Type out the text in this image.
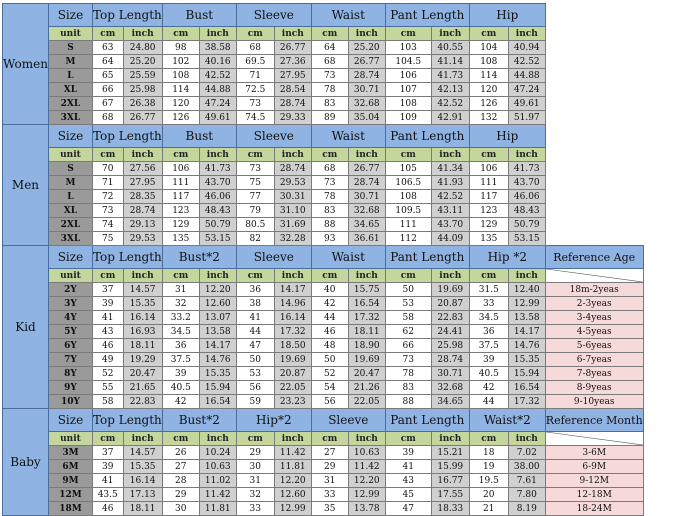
Women	Size	Top Length		Bust		Sleeve		Waist		Pant Length		Hip		
	unit	cm	inch	cm	inch	cm	inch	cm	inch	cm	inch	cm	inch	
	S	63	24.80	98	38.58	68	26.77	64	25.20	103	40.55	104	40.94	
	M	64	25.20	102	40.16	69.5	27.36	68	26.77	104.5	41.14	108	42.52	
	L	65	25.59	108	42.52	71	27.95	73	28.74	106	41.73	114	44.88	
	XL	66	25.98	114	44.88	72.5	28.54	78	30.71	107	42.13	120	47.24	
	2XL	67	26.38	120	47.24	73	28.74	83	32.68	108	42.52	126	49.61	
	3XL	68	26.77	126	49.61	74.5	29.33	89	35.04	109	42.91	132	51.97	
Men	Size	Top Length		Bust		Sleeve		Waist		Pant Length		Hip		
	unit	cm	inch	cm	inch	cm	inch	cm	inch	cm	inch	cm	inch	
	S	70	27.56	106	41.73	73	28.74	68	26.77	105	41.34	106	41.73	
	M	71	27.95	111	43.70	75	29.53	73	28.74	106.5	41.93	111	43.70	
	L	72	28.35	117	46.06	77	30.31	78	30.71	108	42.52	117	46.06	
	XL	73	28.74	123	48.43	79	31.10	83	32.68	109.5	43.11	123	48.43	
	2XL	74	29.13	129	50.79	80.5	31.69	88	34.65	111	43.70	129	50.79	
	3XL	75	29.53	135	53.15	82	32.28	93	36.61	112	44.09	135	53.15	
Kid	Size	Top Length		Bust*2		Sleeve		Waist		Pant Length		Hip *2		Reference Age
	unit	cm	inch	cm	inch	cm	inch	cm	inch	cm	inch	cm	inch	

	2Y	37	14.57	31	12.20	36	14.17	40	15.75	50	19.69	31.5	12.40	18m-2yeas
	3Y	39	15.35	32	12.60	38	14.96	42	16.54	53	20.87	33	12.99	2-3yeas
	4Y	41	16.14	33.2	13.07	41	16.14	44	17.32	58	22.83	34.5	13.58	3-4yeas
	5Y	43	16.93	34.5	13.58	44	17.32	46	18.11	62	24.41	36	14.17	4-5yeas
	6Y	46	18.11	36	14.17	47	18.50	48	18.90	66	25.98	37.5	14.76	5-6yeas
	7Y	49	19.29	37.5	14.76	50	19.69	50	19.69	73	28.74	39	15.35	6-7yeas
	8Y	52	20.47	39	15.35	53	20.87	52	20.47	78	30.71	40.5	15.94	7-8yeas
	9Y	55	21.65	40.5	15.94	56	22.05	54	21.26	83	32.68	42	16.54	8-9yeas
	10Y	58	22.83	42	16.54	59	23.23	56	22.05	88	34.65	44	17.32	9-10yeas
Baby	Size	Top Length		Bust*2		Hip*2		Sleeve		Pant Length		Waist*2		Reference Month
	unit	cm	inch	cm	inch	cm	inch	cm	inch	cm	inch	cm	inch	

	3M	37	14.57	26	10.24	29	11.42	27	10.63	39	15.21	18	7.02	3-6M
	6M	39	15.35	27	10.63	30	11.81	29	11.42	41	15.99	19	38.00	6-9M
	9M	41	16.14	28	11.02	31	12.20	31	12.20	43	16.77	19.5	7.61	9-12M
	12M	43.5	17.13	29	11.42	32	12.60	33	12.99	45	17.55	20	7.80	12-18M
	18M	46	18.11	30	11.81	33	12.99	35	13.78	47	18.33	21	8.19	18-24M
